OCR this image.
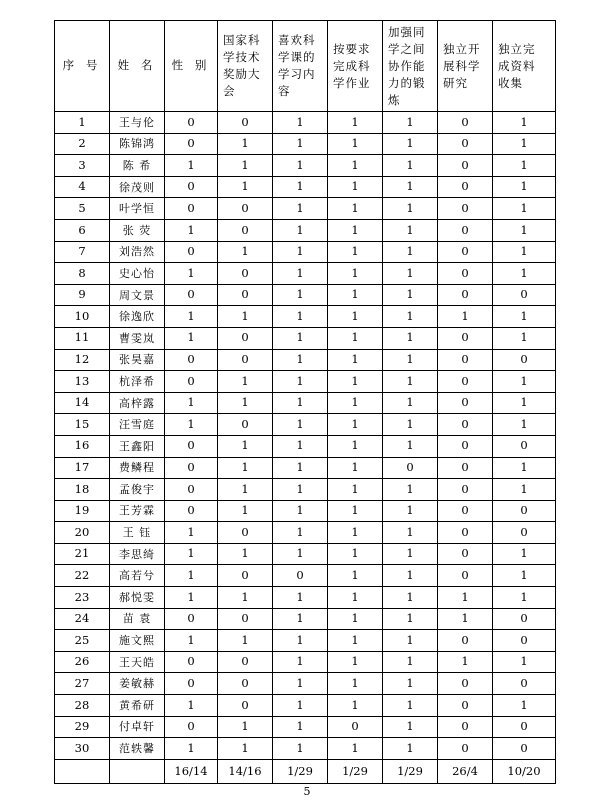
序 号	姓 名	性 别	国家科
学技术
奖励大
会	喜欢科
学课的
学习内
容	按要求
完成科
学作业	加强同
学之间
协作能
力的锻
炼	独立开
展科学
研究	独立完
成资料
收集

1	王与伦	0	0	1	1	1	0	1
2	陈锦鸿	0	1	1	1	1	0	1
3	陈 希	1	1	1	1	1	0	1
4	徐茂则	0	1	1	1	1	0	1
5	叶学恒	0	0	1	1	1	0	1
6	张 荧	1	0	1	1	1	0	1
7	刘浩然	0	1	1	1	1	0	1
8	史心怡	1	0	1	1	1	0	1
9	周文景	0	0	1	1	1	0	0
10	徐逸欣	1	1	1	1	1	1	1
11	曹雯岚	1	0	1	1	1	0	1
12	张昊嘉	0	0	1	1	1	0	0
13	杭泽希	0	1	1	1	1	0	1
14	高梓露	1	1	1	1	1	0	1
15	汪雪庭	1	0	1	1	1	0	1
16	王鑫阳	0	1	1	1	1	0	0
17	费鳞程	0	1	1	1	0	0	1
18	孟俊宇	0	1	1	1	1	0	1
19	王芳霖	0	1	1	1	1	0	0
20	王 钰	1	0	1	1	1	0	0
21	李思绮	1	1	1	1	1	0	1
22	高若兮	1	0	0	1	1	0	1
23	郝悦雯	1	1	1	1	1	1	1
24	苗 袁	0	0	1	1	1	1	0
25	施文熙	1	1	1	1	1	0	0
26	王天皓	0	0	1	1	1	1	1
27	姜敏赫	0	0	1	1	1	0	0
28	黄希研	1	0	1	1	1	0	1
29	付卓轩	0	1	1	0	1	0	0
30	范轶馨	1	1	1	1	1	0	0
		16/14	14/16	1/29	1/29	1/29	26/4	10/20
5
